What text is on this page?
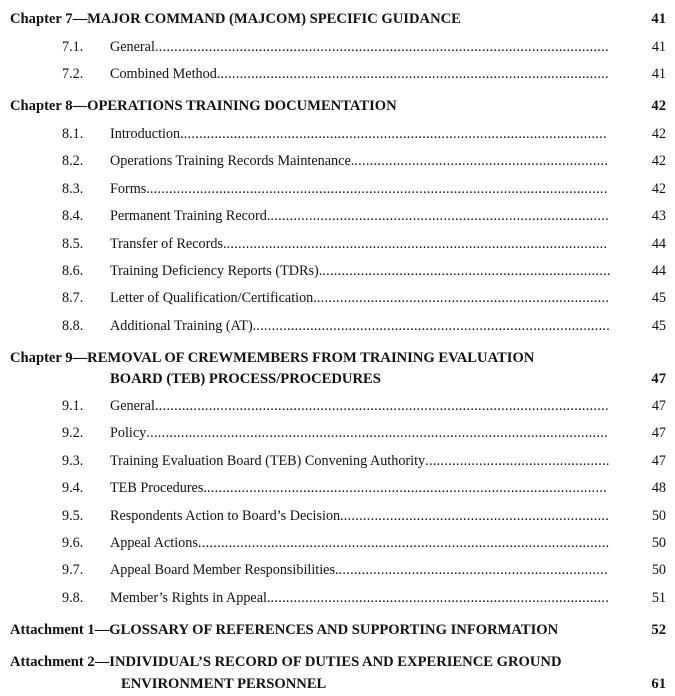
Chapter 7—MAJOR COMMAND (MAJCOM) SPECIFIC GUIDANCE	41
7.1. General ......................................................................................................................	41
7.2. Combined Method. .....................................................................................................	41
Chapter 8—OPERATIONS TRAINING DOCUMENTATION	42
8.1. Introduction. ..............................................................................................................	42
8.2. Operations Training Records Maintenance. ..................................................................	42
8.3. Forms. .......................................................................................................................	42
8.4. Permanent Training Record. ........................................................................................	43
8.5. Transfer of Records. ...................................................................................................	44
8.6. Training Deficiency Reports (TDRs). ...........................................................................	44
8.7. Letter of Qualification/Certification. ............................................................................	45
8.8. Additional Training (AT). ............................................................................................	45
Chapter 9—REMOVAL OF CREWMEMBERS FROM TRAINING EVALUATION
BOARD (TEB) PROCESS/PROCEDURES	47
9.1. General ......................................................................................................................	47
9.2. Policy ........................................................................................................................	47
9.3. Training Evaluation Board (TEB) Convening Authority ................................................	47
9.4. TEB Procedures. ........................................................................................................	48
9.5. Respondents Action to Board’s Decision. .....................................................................	50
9.6. Appeal Actions ...........................................................................................................	50
9.7. Appeal Board Member Responsibilities. ......................................................................	50
9.8. Member’s Rights in Appeal. ........................................................................................	51
Attachment 1—GLOSSARY OF REFERENCES AND SUPPORTING INFORMATION	52
Attachment 2—INDIVIDUAL’S RECORD OF DUTIES AND EXPERIENCE GROUND
ENVIRONMENT PERSONNEL	61
